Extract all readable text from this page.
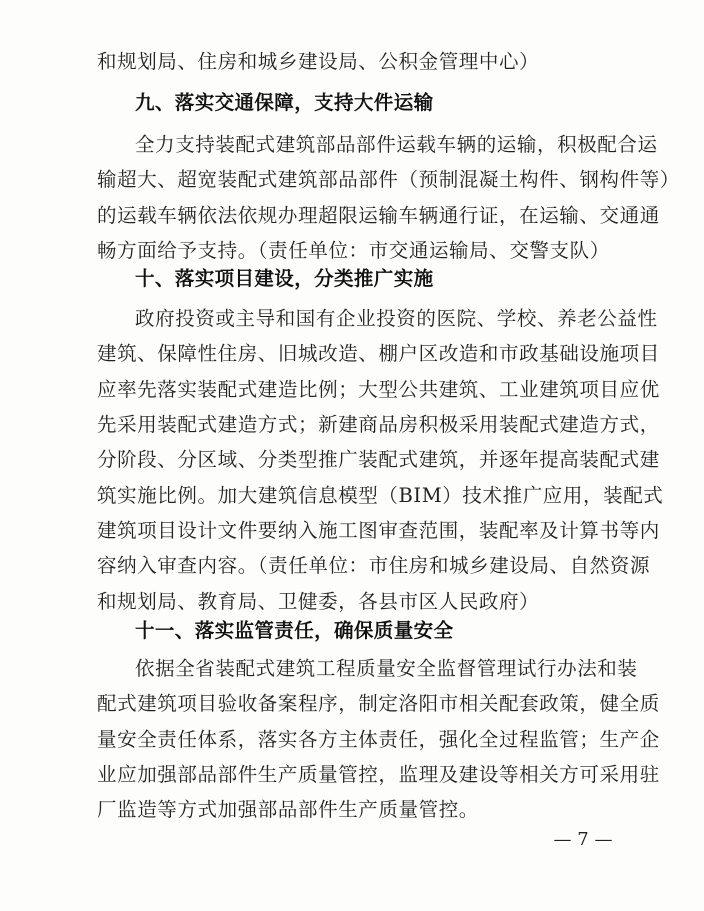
和规划局、住房和城乡建设局、公积金管理中心）
九、落实交通保障，支持大件运输
全力支持装配式建筑部品部件运载车辆的运输，积极配合运
输超大、超宽装配式建筑部品部件（预制混凝土构件、钢构件等）
的运载车辆依法依规办理超限运输车辆通行证，在运输、交通通
畅方面给予支持。（责任单位：市交通运输局、交警支队）
十、落实项目建设，分类推广实施
政府投资或主导和国有企业投资的医院、学校、养老公益性
建筑、保障性住房、旧城改造、棚户区改造和市政基础设施项目
应率先落实装配式建造比例；大型公共建筑、工业建筑项目应优
先采用装配式建造方式；新建商品房积极采用装配式建造方式，
分阶段、分区域、分类型推广装配式建筑，并逐年提高装配式建
筑实施比例。加大建筑信息模型（BIM）技术推广应用，装配式
建筑项目设计文件要纳入施工图审查范围，装配率及计算书等内
容纳入审查内容。（责任单位：市住房和城乡建设局、自然资源
和规划局、教育局、卫健委，各县市区人民政府）
十一、落实监管责任，确保质量安全
依据全省装配式建筑工程质量安全监督管理试行办法和装
配式建筑项目验收备案程序，制定洛阳市相关配套政策，健全质
量安全责任体系，落实各方主体责任，强化全过程监管；生产企
业应加强部品部件生产质量管控，监理及建设等相关方可采用驻
厂监造等方式加强部品部件生产质量管控。
— 7 —
